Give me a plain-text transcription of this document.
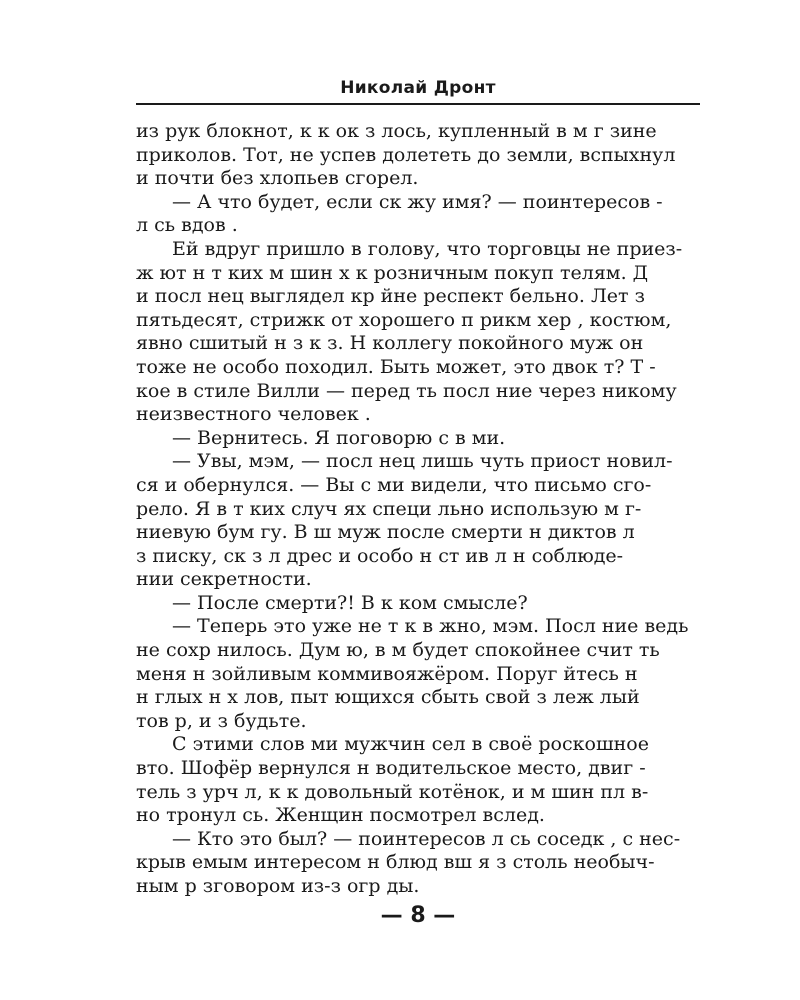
Николай Дронт
из рук блокнот, к к ок з лось, купленный в м г зине
приколов. Тот, не успев долететь до земли, вспыхнул
и почти без хлопьев сгорел.
— А что будет, если ск жу имя? — поинтересов -
л сь вдов .
Ей вдруг пришло в голову, что торговцы не приез-
ж ют н т ких м шин х к розничным покуп телям. Д
и посл нец выглядел кр йне респект бельно. Лет з
пятьдесят, стрижк от хорошего п рикм хер , костюм,
явно сшитый н з к з. Н коллегу покойного муж он
тоже не особо походил. Быть может, это двок т? Т -
кое в стиле Вилли — перед ть посл ние через никому
неизвестного человек .
— Вернитесь. Я поговорю с в ми.
— Увы, мэм, — посл нец лишь чуть приост новил-
ся и обернулся. — Вы с ми видели, что письмо сго-
рело. Я в т ких случ ях специ льно использую м г-
ниевую бум гу. В ш муж после смерти н диктов л
з писку, ск з л дрес и особо н ст ив л н соблюде-
нии секретности.
— После смерти?! В к ком смысле?
— Теперь это уже не т к в жно, мэм. Посл ние ведь
не сохр нилось. Дум ю, в м будет спокойнее счит ть
меня н зойливым коммивояжёром. Поруг йтесь н
н глых н х лов, пыт ющихся сбыть свой з леж лый
тов р, и з будьте.
С этими слов ми мужчин сел в своё роскошное
вто. Шофёр вернулся н водительское место, двиг -
тель з урч л, к к довольный котёнок, и м шин пл в-
но тронул сь. Женщин посмотрел вслед.
— Кто это был? — поинтересов л сь соседк , с нес-
крыв емым интересом н блюд вш я з столь необыч-
ным р зговором из-з огр ды.
— 8 —
